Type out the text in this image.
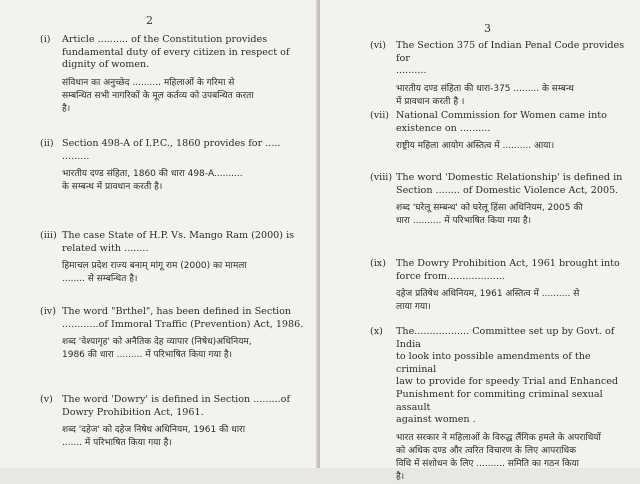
2
(i) Article .......... of the Constitution provides
fundamental duty of every citizen in respect of
dignity of women.
संविधान का अनुच्छेद .......... महिलाओं के गरिमा से
सम्बन्धित सभी नागरिकों के मूल कर्तव्य को उपबन्धित करता
है।
(ii) Section 498-A of I.P.C., 1860 provides for .....
.........
भारतीय दण्ड संहिता, 1860 की धारा 498-A..........
के सम्बन्ध में प्रावधान करती है।
(iii) The case State of H.P. Vs. Mango Ram (2000) is
related with ........
हिमाचल प्रदेश राज्य बनाम् मांगू राम (2000) का मामला
........ से सम्बन्धित है।
(iv) The word "Brthel", has been defined in Section
............of Immoral Traffic (Prevention) Act, 1986.
शब्द 'वेश्यागृह' को अनैतिक देह व्यापार (निषेध)अधिनियम,
1986 की धारा ......... में परिभाषित किया गया है।
(v) The word 'Dowry' is defined in Section .........of
Dowry Prohibition Act, 1961.
शब्द 'दहेज' को दहेज निषेध अधिनियम, 1961 की धारा
....... में परिभाषित किया गया है।
3
(vi) The Section 375 of Indian Penal Code provides for
..........
भारतीय दण्ड संहिता की धारा-375 ......... के सम्बन्ध
में प्रावधान करती है ।
(vii) National Commission for Women came into
existence on ..........
राष्ट्रीय महिला आयोग अस्तित्व में .......... आया।
(viii) The word 'Domestic Relationship' is defined in
Section ........ of Domestic Violence Act, 2005.
शब्द 'घरेलू सम्बन्ध' को घरेलू हिंसा अधिनियम, 2005 की
धारा .......... में परिभाषित किया गया है।
(ix) The Dowry Prohibition Act, 1961 brought into
force from...................
दहेज प्रतिषेध अधिनियम, 1961 अस्तित्व में .......... से
लाया गया।
(x) The.................. Committee set up by Govt. of India
to look into possible amendments of the criminal
law to provide for speedy Trial and Enhanced
Punishment for commiting criminal sexual assault
against women .
भारत सरकार ने महिलाओं के विरुद्ध लैंगिक हमले के अपराधियों
को अधिक दण्ड और त्वरित विचारण के लिए आपराधिक
विधि में संशोधन के लिए .......... समिति का गठन किया
है।
